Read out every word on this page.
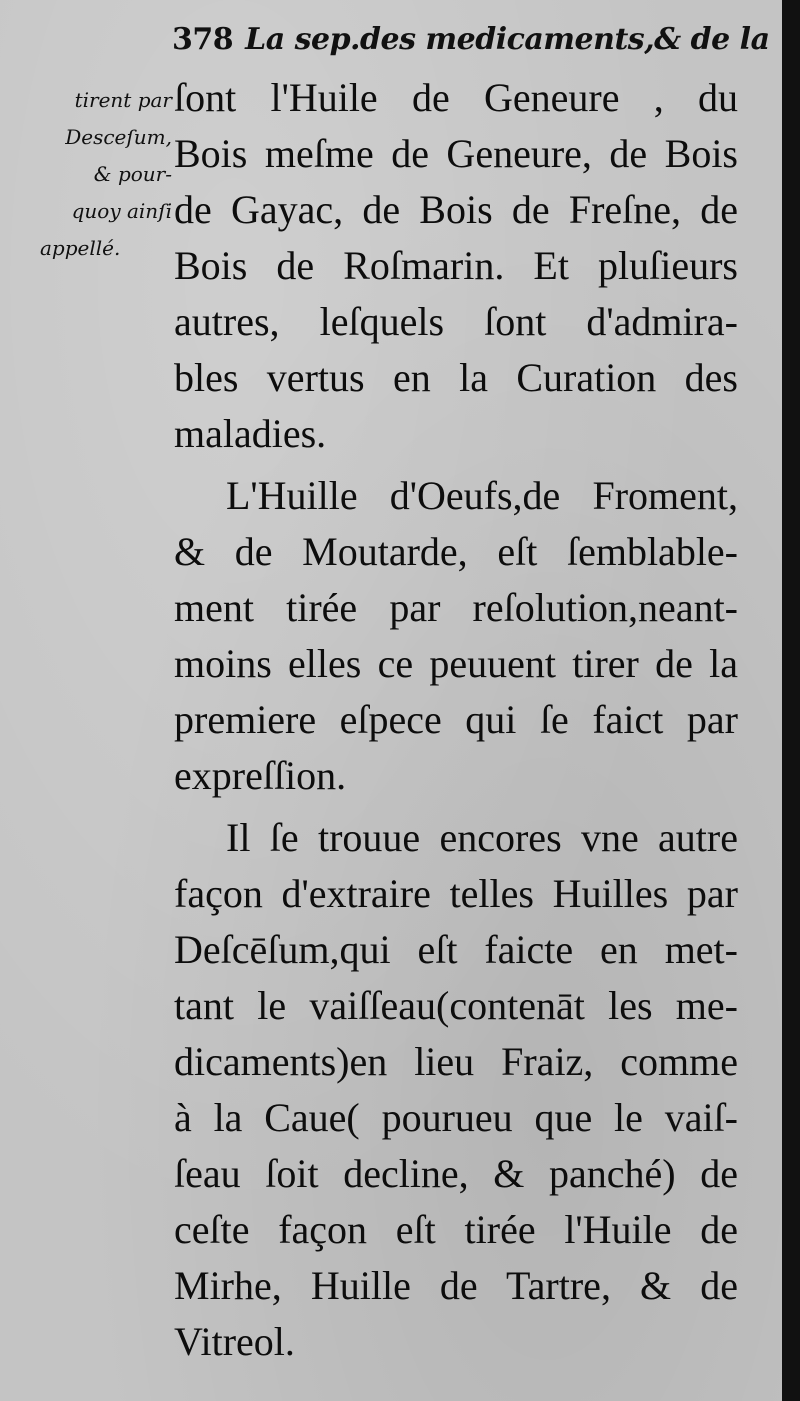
378 La sep.des medicaments,& de la
tirent par
Desceſum,
& pour-
quoy ainſi
appellé.
ſont l'Huile de Geneure , du
Bois meſme de Geneure, de Bois
de Gayac, de Bois de Freſne, de
Bois de Roſmarin. Et pluſieurs
autres, leſquels ſont d'admira-
bles vertus en la Curation des
maladies.
L'Huille d'Oeufs,de Froment,
& de Moutarde, eſt ſemblable-
ment tirée par reſolution,neant-
moins elles ce peuuent tirer de la
premiere eſpece qui ſe faict par
expreſſion.
Il ſe trouue encores vne autre
façon d'extraire telles Huilles par
Deſcēſum,qui eſt faicte en met-
tant le vaiſſeau(contenāt les me-
dicaments)en lieu Fraiz, comme
à la Caue( pourueu que le vaiſ-
ſeau ſoit decline, & panché) de
ceſte façon eſt tirée l'Huile de
Mirhe, Huille de Tartre, & de
Vitreol.
